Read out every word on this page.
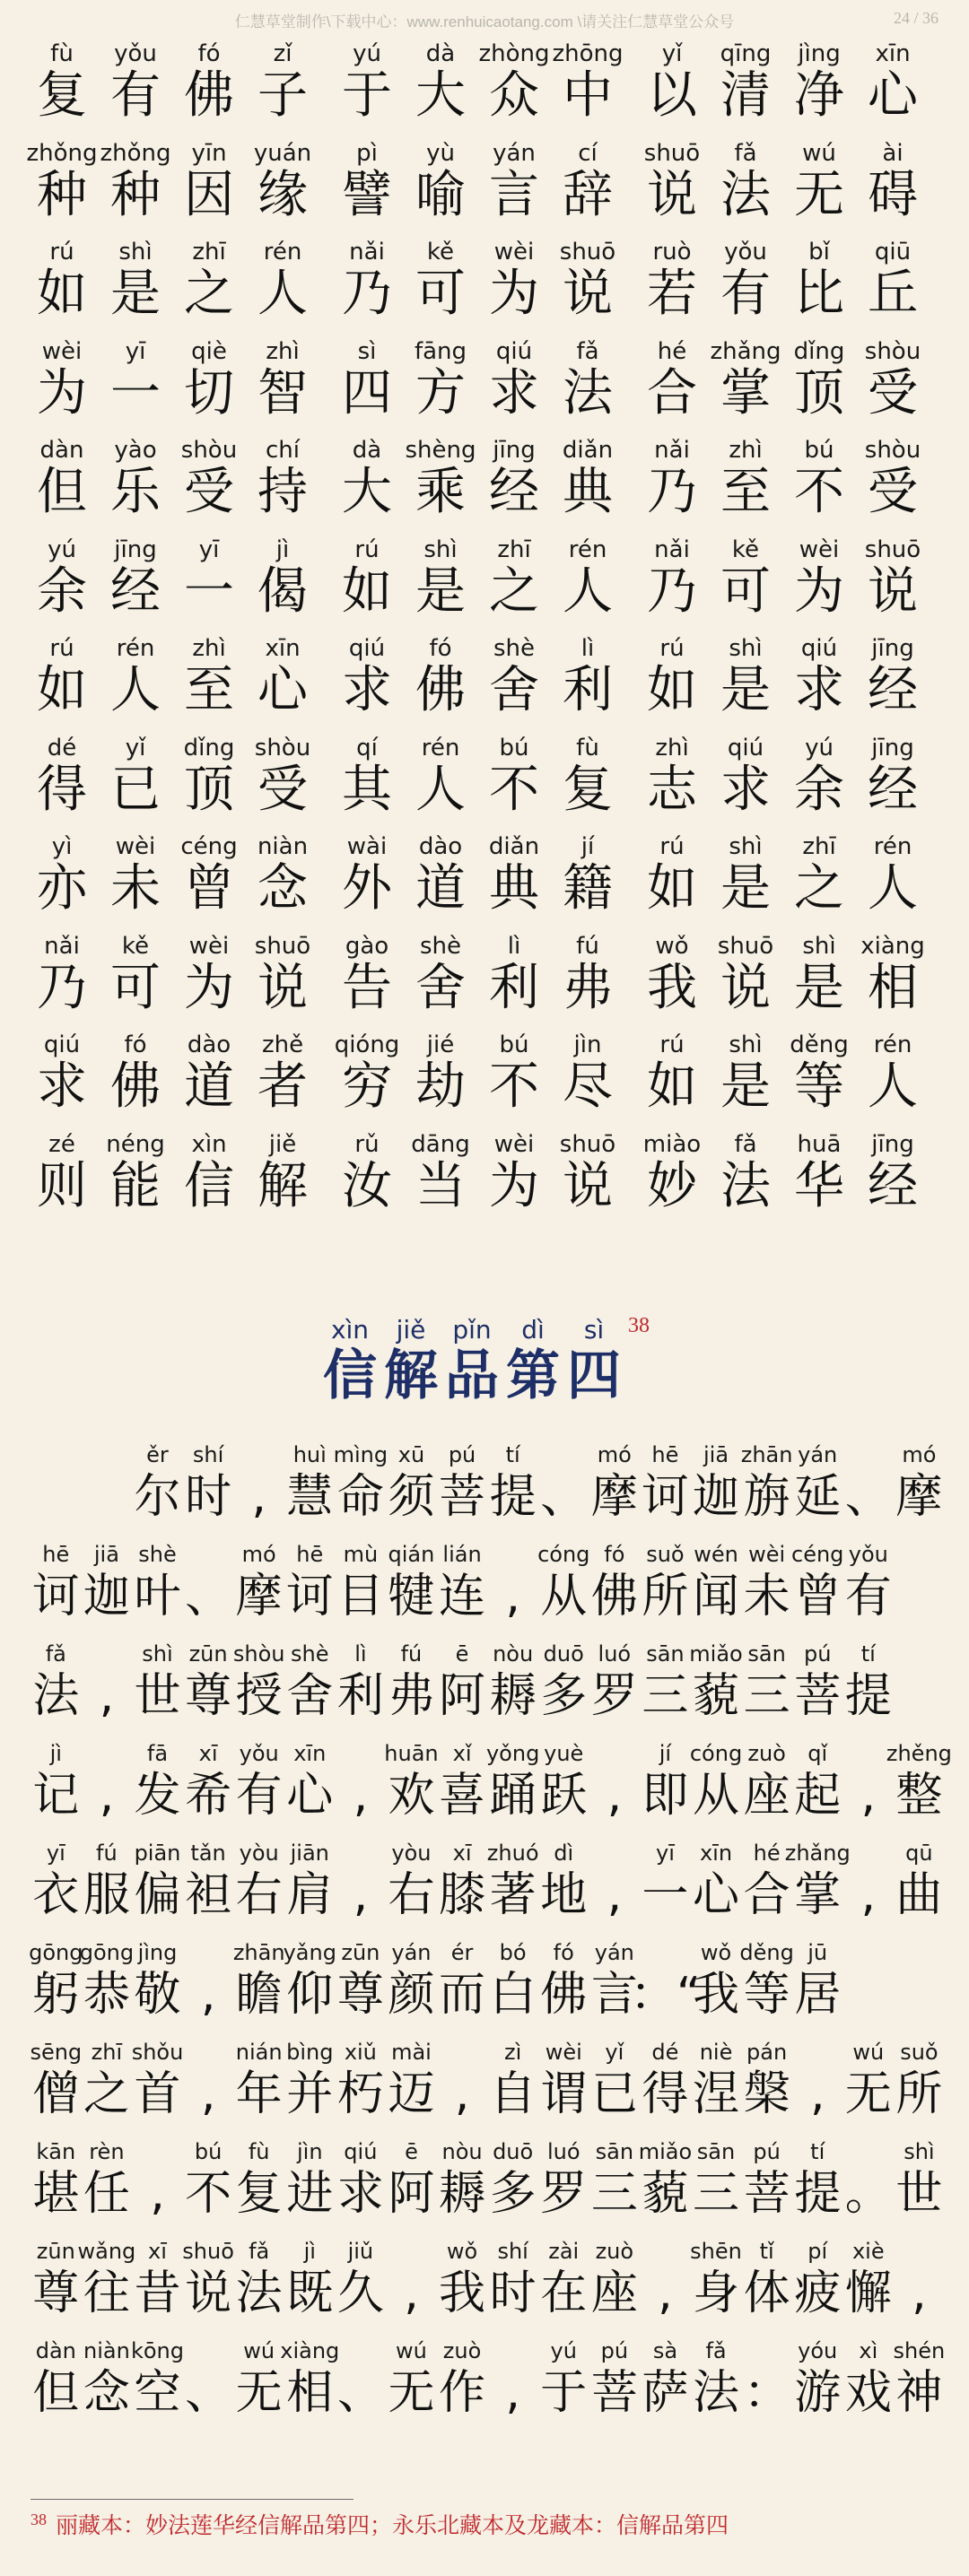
仁慧草堂制作\下载中心：www.renhuicaotang.com \请关注仁慧草堂公众号	24 / 36
fù
复
yǒu
有
fó
佛
zǐ
子
yú
于
dà
大
zhòng
众
zhōng
中
yǐ
以
qīng
清
jìng
净
xīn
心
zhǒng
种
zhǒng
种
yīn
因
yuán
缘
pì
譬
yù
喻
yán
言
cí
辞
shuō
说
fǎ
法
wú
无
ài
碍
rú
如
shì
是
zhī
之
rén
人
nǎi
乃
kě
可
wèi
为
shuō
说
ruò
若
yǒu
有
bǐ
比
qiū
丘
wèi
为
yī
一
qiè
切
zhì
智
sì
四
fāng
方
qiú
求
fǎ
法
hé
合
zhǎng
掌
dǐng
顶
shòu
受
dàn
但
yào
乐
shòu
受
chí
持
dà
大
shèng
乘
jīng
经
diǎn
典
nǎi
乃
zhì
至
bú
不
shòu
受
yú
余
jīng
经
yī
一
jì
偈
rú
如
shì
是
zhī
之
rén
人
nǎi
乃
kě
可
wèi
为
shuō
说
rú
如
rén
人
zhì
至
xīn
心
qiú
求
fó
佛
shè
舍
lì
利
rú
如
shì
是
qiú
求
jīng
经
dé
得
yǐ
已
dǐng
顶
shòu
受
qí
其
rén
人
bú
不
fù
复
zhì
志
qiú
求
yú
余
jīng
经
yì
亦
wèi
未
céng
曾
niàn
念
wài
外
dào
道
diǎn
典
jí
籍
rú
如
shì
是
zhī
之
rén
人
nǎi
乃
kě
可
wèi
为
shuō
说
gào
告
shè
舍
lì
利
fú
弗
wǒ
我
shuō
说
shì
是
xiàng
相
qiú
求
fó
佛
dào
道
zhě
者
qióng
穷
jié
劫
bú
不
jìn
尽
rú
如
shì
是
děng
等
rén
人
zé
则
néng
能
xìn
信
jiě
解
rǔ
汝
dāng
当
wèi
为
shuō
说
miào
妙
fǎ
法
huā
华
jīng
经
xìn
信
jiě
解
pǐn
品
dì
第
sì
四
38
ěr
尔
shí
时 ,
huì
慧
mìng
命
xū
须
pú
菩
tí
提 、
mó
摩
hē
诃
jiā
迦
zhān
旃
yán
延 、
mó
摩
hē
诃
jiā
迦
shè
叶 、
mó
摩
hē
诃
mù
目
qián
犍
lián
连 ,
cóng
从
fó
佛
suǒ
所
wén
闻
wèi
未
céng
曾
yǒu
有
fǎ
法 ,
shì
世
zūn
尊
shòu
授
shè
舍
lì
利
fú
弗
ē
阿
nòu
耨
duō
多
luó
罗
sān
三
miǎo
藐
sān
三
pú
菩
tí
提
jì
记 ,
fā
发
xī
希
yǒu
有
xīn
心 ,
huān
欢
xǐ
喜
yǒng
踊
yuè
跃 ,
jí
即
cóng
从
zuò
座
qǐ
起 ,
zhěng
整
yī
衣
fú
服
piān
偏
tǎn
袒
yòu
右
jiān
肩 ,
yòu
右
xī
膝
zhuó
著
dì
地 ,
yī
一
xīn
心
hé
合
zhǎng
掌 ,
qū
曲
gōng
躬
gōng
恭
jìng
敬 ,
zhān
瞻
yǎng
仰
zūn
尊
yán
颜
ér
而
bó
白
fó
佛
yán
言
：“
wǒ
我
děng
等
jū
居
sēng
僧
zhī
之
shǒu
首 ,
nián
年
bìng
并
xiǔ
朽
mài
迈 ,
zì
自
wèi
谓
yǐ
已
dé
得
niè
涅
pán
槃 ,
wú
无
suǒ
所
kān
堪
rèn
任 ,
bú
不
fù
复
jìn
进
qiú
求
ē
阿
nòu
耨
duō
多
luó
罗
sān
三
miǎo
藐
sān
三
pú
菩
tí
提 。
shì
世
zūn
尊
wǎng
往
xī
昔
shuō
说
fǎ
法
jì
既
jiǔ
久 ,
wǒ
我
shí
时
zài
在
zuò
座 ,
shēn
身
tǐ
体
pí
疲
xiè
懈 ,
dàn
但
niàn
念
kōng
空 、
wú
无
xiàng
相 、
wú
无
zuò
作 ,
yú
于
pú
菩
sà
萨
fǎ
法 ：
yóu
游
xì
戏
shén
神
$^{38}$ 丽藏本：妙法莲华经信解品第四；永乐北藏本及龙藏本：信解品第四
